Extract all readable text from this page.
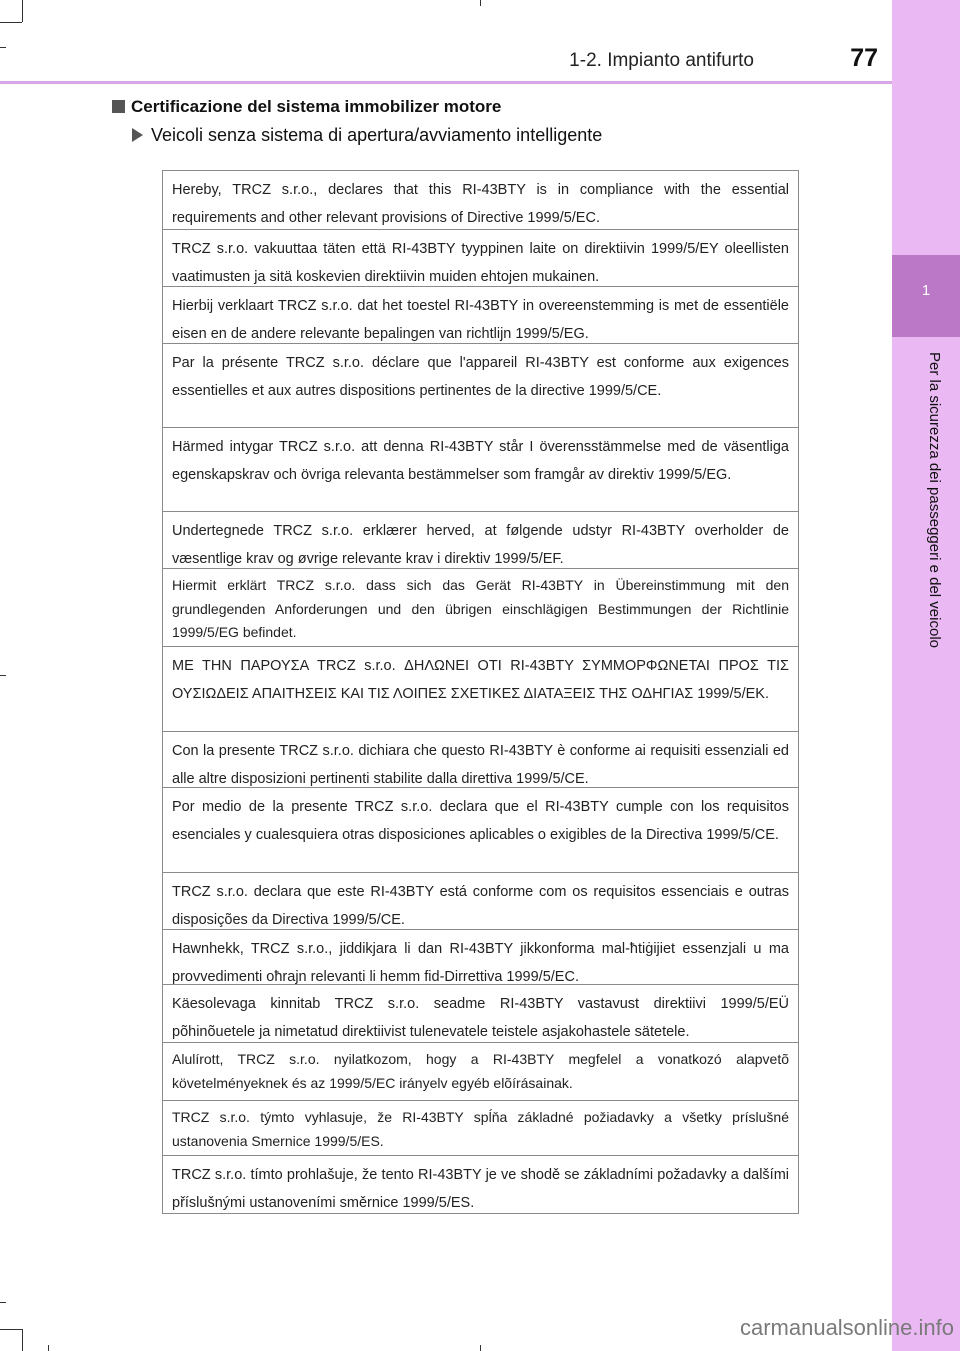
1-2. Impianto antifurto	77
1
Per la sicurezza dei passeggeri e del veicolo
Certificazione del sistema immobilizer motore
Veicoli senza sistema di apertura/avviamento intelligente
Hereby, TRCZ s.r.o., declares that this RI-43BTY is in compliance with the essential requirements and other relevant provisions of Directive 1999/5/EC.
TRCZ s.r.o. vakuuttaa täten että RI-43BTY tyyppinen laite on direktiivin 1999/5/EY oleellisten vaatimusten ja sitä koskevien direktiivin muiden ehtojen mukainen.
Hierbij verklaart TRCZ s.r.o. dat het toestel RI-43BTY in overeenstemming is met de essentiële eisen en de andere relevante bepalingen van richtlijn 1999/5/EG.
Par la présente TRCZ s.r.o. déclare que l'appareil RI-43BTY est conforme aux exigences essentielles et aux autres dispositions pertinentes de la directive 1999/5/CE.
Härmed intygar TRCZ s.r.o. att denna RI-43BTY står I överensstämmelse med de väsentliga egenskapskrav och övriga relevanta bestämmelser som framgår av direktiv 1999/5/EG.
Undertegnede TRCZ s.r.o. erklærer herved, at følgende udstyr RI-43BTY overholder de væsentlige krav og øvrige relevante krav i direktiv 1999/5/EF.
Hiermit erklärt TRCZ s.r.o. dass sich das Gerät RI-43BTY in Übereinstimmung mit den grundlegenden Anforderungen und den übrigen einschlägigen Bestimmungen der Richtlinie 1999/5/EG befindet.
ΜΕ ΤΗΝ ΠΑΡΟΥΣΑ TRCZ s.r.o. ΔΗΛΩΝΕΙ ΟΤΙ RI-43BTY ΣΥΜΜΟΡΦΩΝΕΤΑΙ ΠΡΟΣ ΤΙΣ ΟΥΣΙΩΔΕΙΣ ΑΠΑΙΤΗΣΕΙΣ ΚΑΙ ΤΙΣ ΛΟΙΠΕΣ ΣΧΕΤΙΚΕΣ ΔΙΑΤΑΞΕΙΣ ΤΗΣ ΟΔΗΓΙΑΣ 1999/5/ΕΚ.
Con la presente TRCZ s.r.o. dichiara che questo RI-43BTY è conforme ai requisiti essenziali ed alle altre disposizioni pertinenti stabilite dalla direttiva 1999/5/CE.
Por medio de la presente TRCZ s.r.o. declara que el RI-43BTY cumple con los requisitos esenciales y cualesquiera otras disposiciones aplicables o exigibles de la Directiva 1999/5/CE.
TRCZ s.r.o. declara que este RI-43BTY está conforme com os requisitos essenciais e outras disposições da Directiva 1999/5/CE.
Hawnhekk, TRCZ s.r.o., jiddikjara li dan RI-43BTY jikkonforma mal-ħtiġijiet essenzjali u ma provvedimenti oħrajn relevanti li hemm fid-Dirrettiva 1999/5/EC.
Käesolevaga kinnitab TRCZ s.r.o. seadme RI-43BTY vastavust direktiivi 1999/5/EÜ põhinõuetele ja nimetatud direktiivist tulenevatele teistele asjakohastele sätetele.
Alulírott, TRCZ s.r.o. nyilatkozom, hogy a RI-43BTY megfelel a vonatkozó alapvetõ követelményeknek és az 1999/5/EC irányelv egyéb elõírásainak.
TRCZ s.r.o. týmto vyhlasuje, že RI-43BTY spĺňa základné požiadavky a všetky príslušné ustanovenia Smernice 1999/5/ES.
TRCZ s.r.o. tímto prohlašuje, že tento RI-43BTY je ve shodě se základními požadavky a dalšími příslušnými ustanoveními směrnice 1999/5/ES.
carmanualsonline.info
